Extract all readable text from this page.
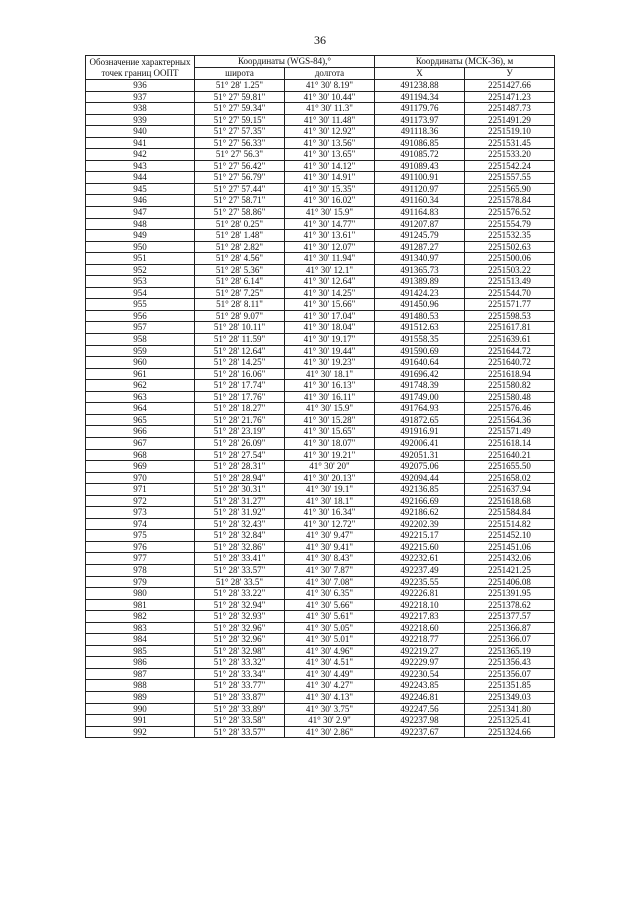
36
Обозначение характерных точек границ ООПТ	Координаты (WGS-84),°		Координаты (МСК-36), м	
	широта	долгота	X	У
936	51° 28' 1.25"	41° 30' 8.19"	491238.88	2251427.66
937	51° 27' 59.81"	41° 30' 10.44"	491194.34	2251471.23
938	51° 27' 59.34"	41° 30' 11.3"	491179.76	2251487.73
939	51° 27' 59.15"	41° 30' 11.48"	491173.97	2251491.29
940	51° 27' 57.35"	41° 30' 12.92"	491118.36	2251519.10
941	51° 27' 56.33"	41° 30' 13.56"	491086.85	2251531.45
942	51° 27' 56.3"	41° 30' 13.65"	491085.72	2251533.20
943	51° 27' 56.42"	41° 30' 14.12"	491089.43	2251542.24
944	51° 27' 56.79"	41° 30' 14.91"	491100.91	2251557.55
945	51° 27' 57.44"	41° 30' 15.35"	491120.97	2251565.90
946	51° 27' 58.71"	41° 30' 16.02"	491160.34	2251578.84
947	51° 27' 58.86"	41° 30' 15.9"	491164.83	2251576.52
948	51° 28' 0.25"	41° 30' 14.77"	491207.87	2251554.79
949	51° 28' 1.48"	41° 30' 13.61"	491245.79	2251532.35
950	51° 28' 2.82"	41° 30' 12.07"	491287.27	2251502.63
951	51° 28' 4.56"	41° 30' 11.94"	491340.97	2251500.06
952	51° 28' 5.36"	41° 30' 12.1"	491365.73	2251503.22
953	51° 28' 6.14"	41° 30' 12.64"	491389.89	2251513.49
954	51° 28' 7.25"	41° 30' 14.25"	491424.23	2251544.70
955	51° 28' 8.11"	41° 30' 15.66"	491450.96	2251571.77
956	51° 28' 9.07"	41° 30' 17.04"	491480.53	2251598.53
957	51° 28' 10.11"	41° 30' 18.04"	491512.63	2251617.81
958	51° 28' 11.59"	41° 30' 19.17"	491558.35	2251639.61
959	51° 28' 12.64"	41° 30' 19.44"	491590.69	2251644.72
960	51° 28' 14.25"	41° 30' 19.23"	491640.64	2251640.72
961	51° 28' 16.06"	41° 30' 18.1"	491696.42	2251618.94
962	51° 28' 17.74"	41° 30' 16.13"	491748.39	2251580.82
963	51° 28' 17.76"	41° 30' 16.11"	491749.00	2251580.48
964	51° 28' 18.27"	41° 30' 15.9"	491764.93	2251576.46
965	51° 28' 21.76"	41° 30' 15.28"	491872.65	2251564.36
966	51° 28' 23.19"	41° 30' 15.65"	491916.91	2251571.49
967	51° 28' 26.09"	41° 30' 18.07"	492006.41	2251618.14
968	51° 28' 27.54"	41° 30' 19.21"	492051.31	2251640.21
969	51° 28' 28.31"	41° 30' 20"	492075.06	2251655.50
970	51° 28' 28.94"	41° 30' 20.13"	492094.44	2251658.02
971	51° 28' 30.31"	41° 30' 19.1"	492136.85	2251637.94
972	51° 28' 31.27"	41° 30' 18.1"	492166.69	2251618.68
973	51° 28' 31.92"	41° 30' 16.34"	492186.62	2251584.84
974	51° 28' 32.43"	41° 30' 12.72"	492202.39	2251514.82
975	51° 28' 32.84"	41° 30' 9.47"	492215.17	2251452.10
976	51° 28' 32.86"	41° 30' 9.41"	492215.60	2251451.06
977	51° 28' 33.41"	41° 30' 8.43"	492232.61	2251432.06
978	51° 28' 33.57"	41° 30' 7.87"	492237.49	2251421.25
979	51° 28' 33.5"	41° 30' 7.08"	492235.55	2251406.08
980	51° 28' 33.22"	41° 30' 6.35"	492226.81	2251391.95
981	51° 28' 32.94"	41° 30' 5.66"	492218.10	2251378.62
982	51° 28' 32.93"	41° 30' 5.61"	492217.83	2251377.57
983	51° 28' 32.96"	41° 30' 5.05"	492218.60	2251366.87
984	51° 28' 32.96"	41° 30' 5.01"	492218.77	2251366.07
985	51° 28' 32.98"	41° 30' 4.96"	492219.27	2251365.19
986	51° 28' 33.32"	41° 30' 4.51"	492229.97	2251356.43
987	51° 28' 33.34"	41° 30' 4.49"	492230.54	2251356.07
988	51° 28' 33.77"	41° 30' 4.27"	492243.85	2251351.85
989	51° 28' 33.87"	41° 30' 4.13"	492246.81	2251349.03
990	51° 28' 33.89"	41° 30' 3.75"	492247.56	2251341.80
991	51° 28' 33.58"	41° 30' 2.9"	492237.98	2251325.41
992	51° 28' 33.57"	41° 30' 2.86"	492237.67	2251324.66
